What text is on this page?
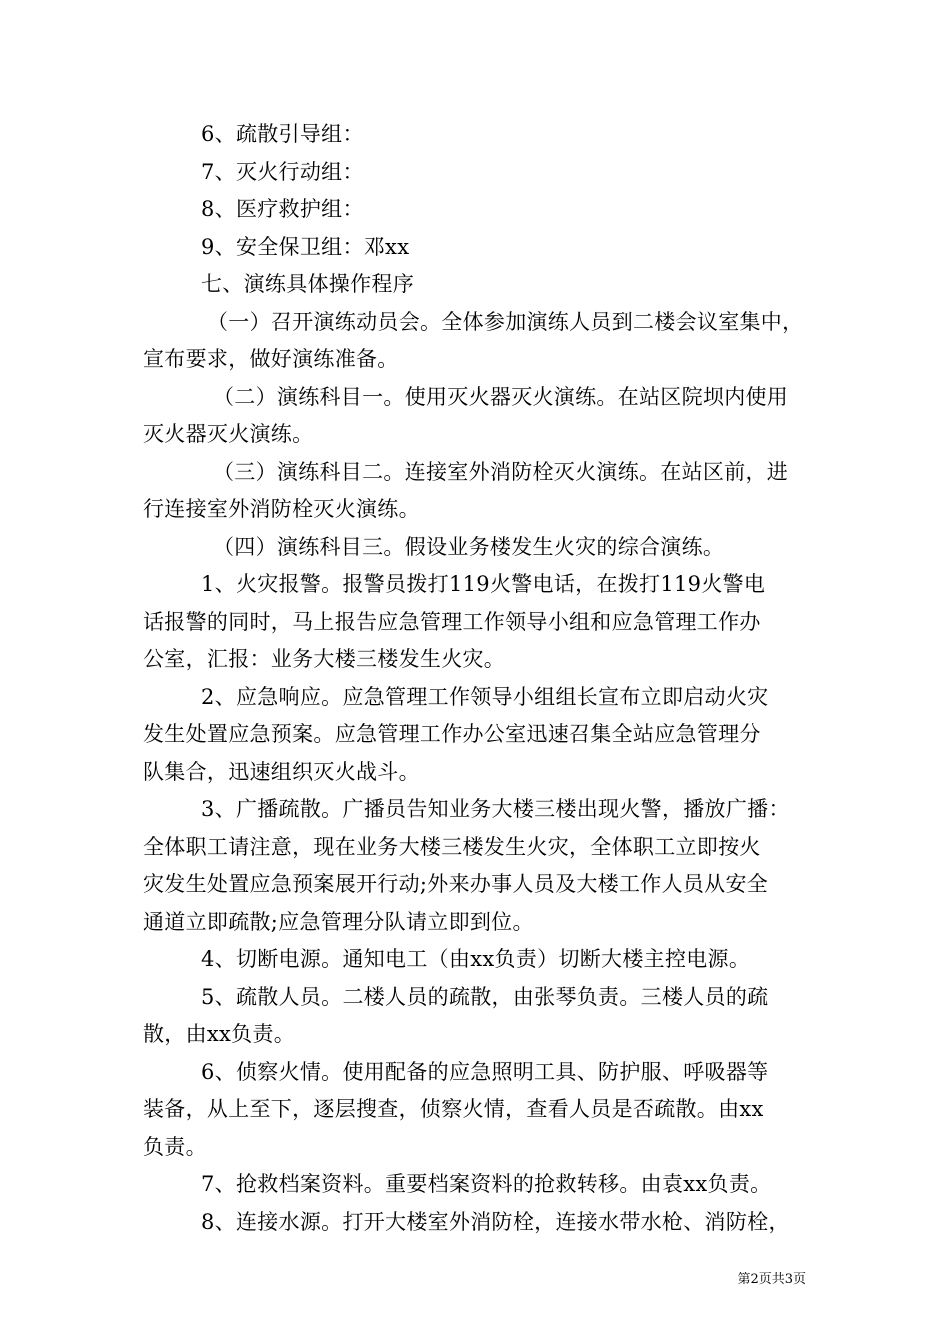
6、疏散引导组：
7、灭火行动组：
8、医疗救护组：
9、安全保卫组：邓xx
七、演练具体操作程序
（一）召开演练动员会。全体参加演练人员到二楼会议室集中，
宣布要求，做好演练准备。
（二）演练科目一。使用灭火器灭火演练。在站区院坝内使用
灭火器灭火演练。
（三）演练科目二。连接室外消防栓灭火演练。在站区前，进
行连接室外消防栓灭火演练。
（四）演练科目三。假设业务楼发生火灾的综合演练。
1、火灾报警。报警员拨打119火警电话，在拨打119火警电
话报警的同时，马上报告应急管理工作领导小组和应急管理工作办
公室，汇报：业务大楼三楼发生火灾。
2、应急响应。应急管理工作领导小组组长宣布立即启动火灾
发生处置应急预案。应急管理工作办公室迅速召集全站应急管理分
队集合，迅速组织灭火战斗。
3、广播疏散。广播员告知业务大楼三楼出现火警，播放广播：
全体职工请注意，现在业务大楼三楼发生火灾，全体职工立即按火
灾发生处置应急预案展开行动;外来办事人员及大楼工作人员从安全
通道立即疏散;应急管理分队请立即到位。
4、切断电源。通知电工（由xx负责）切断大楼主控电源。
5、疏散人员。二楼人员的疏散，由张琴负责。三楼人员的疏
散，由xx负责。
6、侦察火情。使用配备的应急照明工具、防护服、呼吸器等
装备，从上至下，逐层搜查，侦察火情，查看人员是否疏散。由xx
负责。
7、抢救档案资料。重要档案资料的抢救转移。由袁xx负责。
8、连接水源。打开大楼室外消防栓，连接水带水枪、消防栓，
第2页共3页
